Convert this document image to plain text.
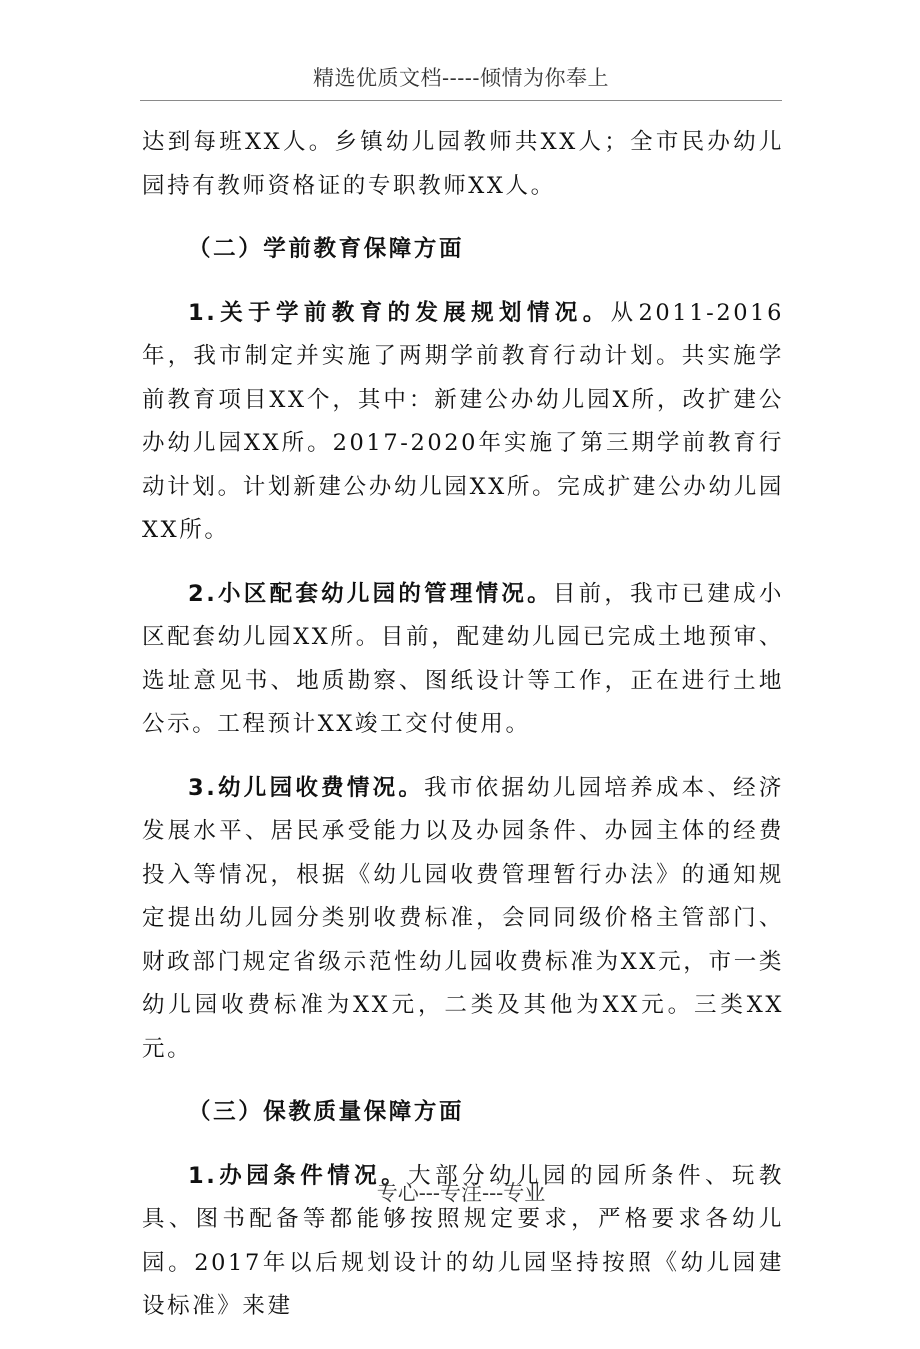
精选优质文档-----倾情为你奉上

达到每班XX人。乡镇幼儿园教师共XX人；全市民办幼儿园持有教师资格证的专职教师XX人。

（二）学前教育保障方面

1.关于学前教育的发展规划情况。从2011-2016年，我市制定并实施了两期学前教育行动计划。共实施学前教育项目XX个，其中：新建公办幼儿园X所，改扩建公办幼儿园XX所。2017-2020年实施了第三期学前教育行动计划。计划新建公办幼儿园XX所。完成扩建公办幼儿园XX所。

2.小区配套幼儿园的管理情况。目前，我市已建成小区配套幼儿园XX所。目前，配建幼儿园已完成土地预审、选址意见书、地质勘察、图纸设计等工作，正在进行土地公示。工程预计XX竣工交付使用。

3.幼儿园收费情况。我市依据幼儿园培养成本、经济发展水平、居民承受能力以及办园条件、办园主体的经费投入等情况，根据《幼儿园收费管理暂行办法》的通知规定提出幼儿园分类别收费标准，会同同级价格主管部门、财政部门规定省级示范性幼儿园收费标准为XX元，市一类幼儿园收费标准为XX元，二类及其他为XX元。三类XX元。

（三）保教质量保障方面

1.办园条件情况。大部分幼儿园的园所条件、玩教具、图书配备等都能够按照规定要求，严格要求各幼儿园。2017年以后规划设计的幼儿园坚持按照《幼儿园建设标准》来建

专心---专注---专业
